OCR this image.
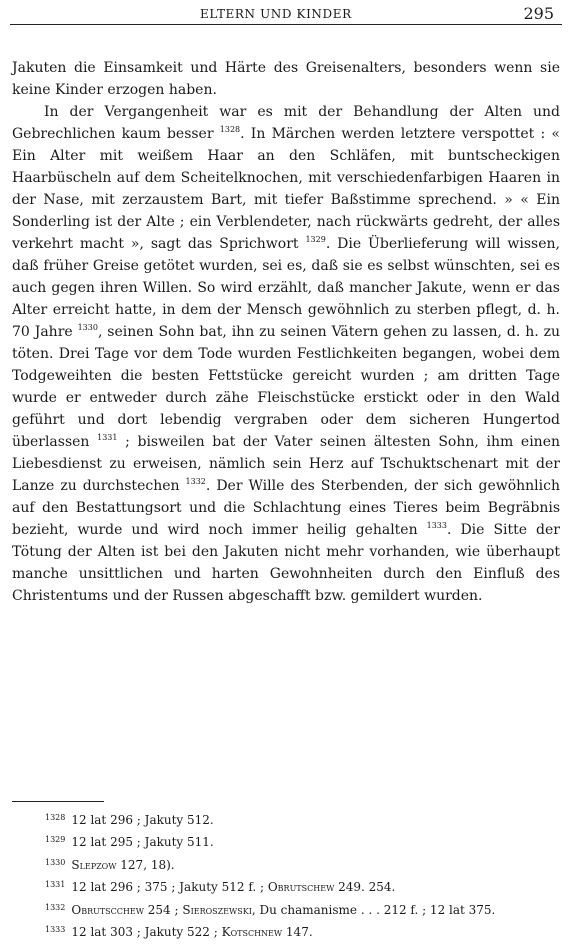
ELTERN UND KINDER	295

Jakuten die Einsamkeit und Härte des Greisenalters, besonders wenn sie keine Kinder erzogen haben.

In der Vergangenheit war es mit der Behandlung der Alten und Gebrechlichen kaum besser $^{1328}$. In Märchen werden letztere verspottet : « Ein Alter mit weißem Haar an den Schläfen, mit buntscheckigen Haarbüscheln auf dem Scheitelknochen, mit verschiedenfarbigen Haaren in der Nase, mit zerzaustem Bart, mit tiefer Baßstimme sprechend. » « Ein Sonderling ist der Alte ; ein Verblendeter, nach rückwärts gedreht, der alles verkehrt macht », sagt das Sprichwort $^{1329}$. Die Überlieferung will wissen, daß früher Greise getötet wurden, sei es, daß sie es selbst wünschten, sei es auch gegen ihren Willen. So wird erzählt, daß mancher Jakute, wenn er das Alter erreicht hatte, in dem der Mensch gewöhnlich zu sterben pflegt, d. h. 70 Jahre $^{1330}$, seinen Sohn bat, ihn zu seinen Vätern gehen zu lassen, d. h. zu töten. Drei Tage vor dem Tode wurden Festlichkeiten begangen, wobei dem Todgeweihten die besten Fettstücke gereicht wurden ; am dritten Tage wurde er entweder durch zähe Fleischstücke erstickt oder in den Wald geführt und dort lebendig vergraben oder dem sicheren Hungertod überlassen $^{1331}$ ; bisweilen bat der Vater seinen ältesten Sohn, ihm einen Liebesdienst zu erweisen, nämlich sein Herz auf Tschuktschenart mit der Lanze zu durchstechen $^{1332}$. Der Wille des Sterbenden, der sich gewöhnlich auf den Bestattungsort und die Schlachtung eines Tieres beim Begräbnis bezieht, wurde und wird noch immer heilig gehalten $^{1333}$. Die Sitte der Tötung der Alten ist bei den Jakuten nicht mehr vorhanden, wie überhaupt manche unsittlichen und harten Gewohnheiten durch den Einfluß des Christentums und der Russen abgeschafft bzw. gemildert wurden.

$^{1328}$ 12 lat 296 ; Jakuty 512.
$^{1329}$ 12 lat 295 ; Jakuty 511.
$^{1330}$ Slepzow 127, 18).
$^{1331}$ 12 lat 296 ; 375 ; Jakuty 512 f. ; Obrutschew 249. 254.
$^{1332}$ Obrutscchew 254 ; Sieroszewski, Du chamanisme . . . 212 f. ; 12 lat 375.
$^{1333}$ 12 lat 303 ; Jakuty 522 ; Kotschnew 147.
